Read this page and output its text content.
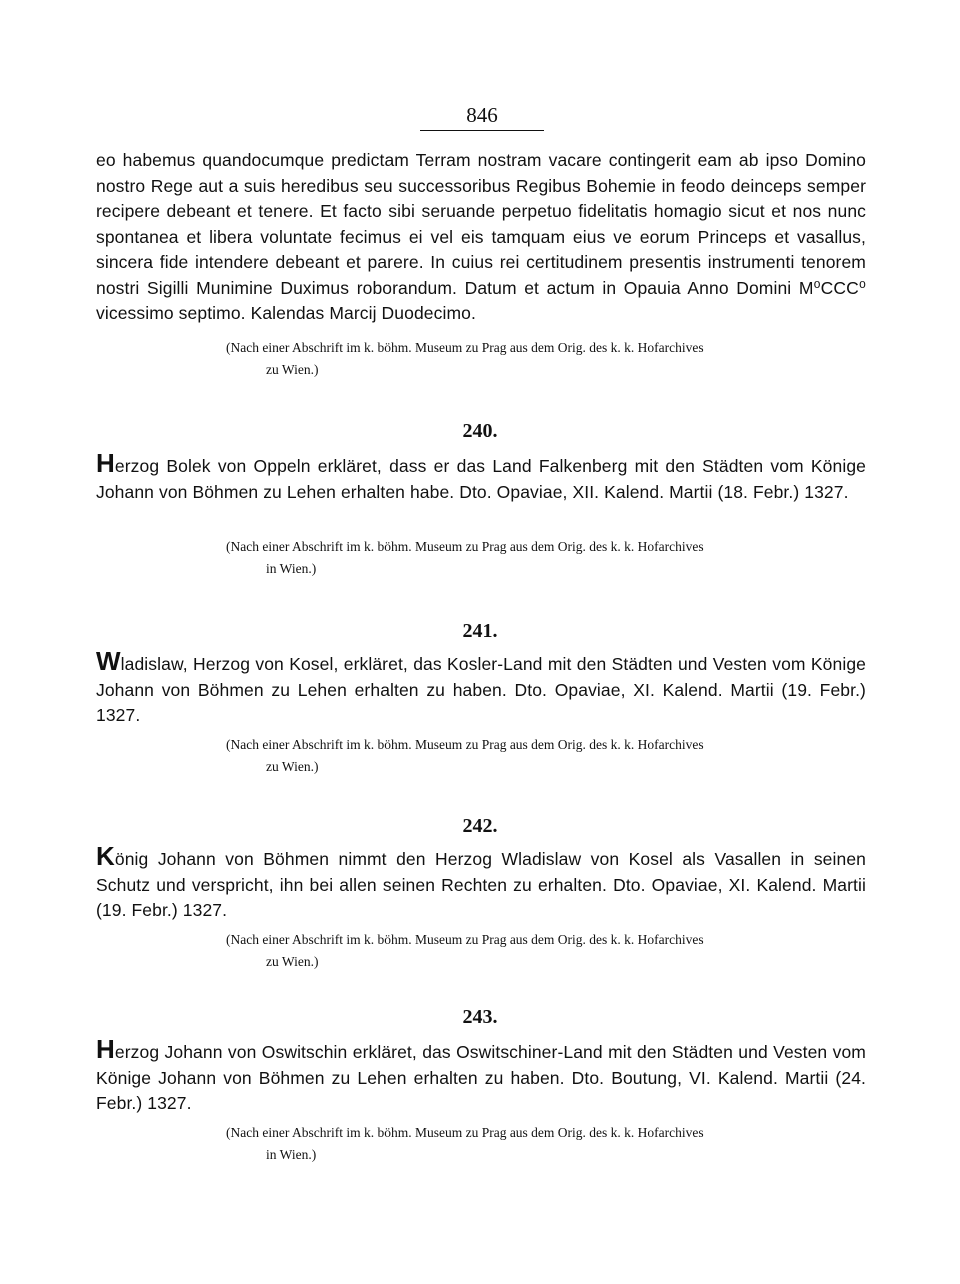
846

eo habemus quandocumque predictam Terram nostram vacare contingerit eam ab ipso Domino nostro Rege aut a suis heredibus seu successoribus Regibus Bohemie in feodo deinceps semper recipere debeant et tenere. Et facto sibi seruande perpetuo fidelitatis homagio sicut et nos nunc spontanea et libera voluntate fecimus ei vel eis tamquam eius ve eorum Princeps et vasallus, sincera fide intendere debeant et parere. In cuius rei certitudinem presentis instrumenti tenorem nostri Sigilli Munimine Duximus roborandum. Datum et actum in Opauia Anno Domini M⁰CCC⁰ vicessimo septimo. Kalendas Marcij Duodecimo.

(Nach einer Abschrift im k. böhm. Museum zu Prag aus dem Orig. des k. k. Hofarchives
zu Wien.)
240.

Herzog Bolek von Oppeln erkläret, dass er das Land Falkenberg mit den Städten vom Könige Johann von Böhmen zu Lehen erhalten habe. Dto. Opaviae, XII. Kalend. Martii (18. Febr.) 1327.

(Nach einer Abschrift im k. böhm. Museum zu Prag aus dem Orig. des k. k. Hofarchives
in Wien.)
241.

Wladislaw, Herzog von Kosel, erkläret, das Kosler-Land mit den Städten und Vesten vom Könige Johann von Böhmen zu Lehen erhalten zu haben. Dto. Opaviae, XI. Kalend. Martii (19. Febr.) 1327.

(Nach einer Abschrift im k. böhm. Museum zu Prag aus dem Orig. des k. k. Hofarchives
zu Wien.)
242.

König Johann von Böhmen nimmt den Herzog Wladislaw von Kosel als Vasallen in seinen Schutz und verspricht, ihn bei allen seinen Rechten zu erhalten. Dto. Opaviae, XI. Kalend. Martii (19. Febr.) 1327.

(Nach einer Abschrift im k. böhm. Museum zu Prag aus dem Orig. des k. k. Hofarchives
zu Wien.)
243.

Herzog Johann von Oswitschin erkläret, das Oswitschiner-Land mit den Städten und Vesten vom Könige Johann von Böhmen zu Lehen erhalten zu haben. Dto. Boutung, VI. Kalend. Martii (24. Febr.) 1327.

(Nach einer Abschrift im k. böhm. Museum zu Prag aus dem Orig. des k. k. Hofarchives
in Wien.)
